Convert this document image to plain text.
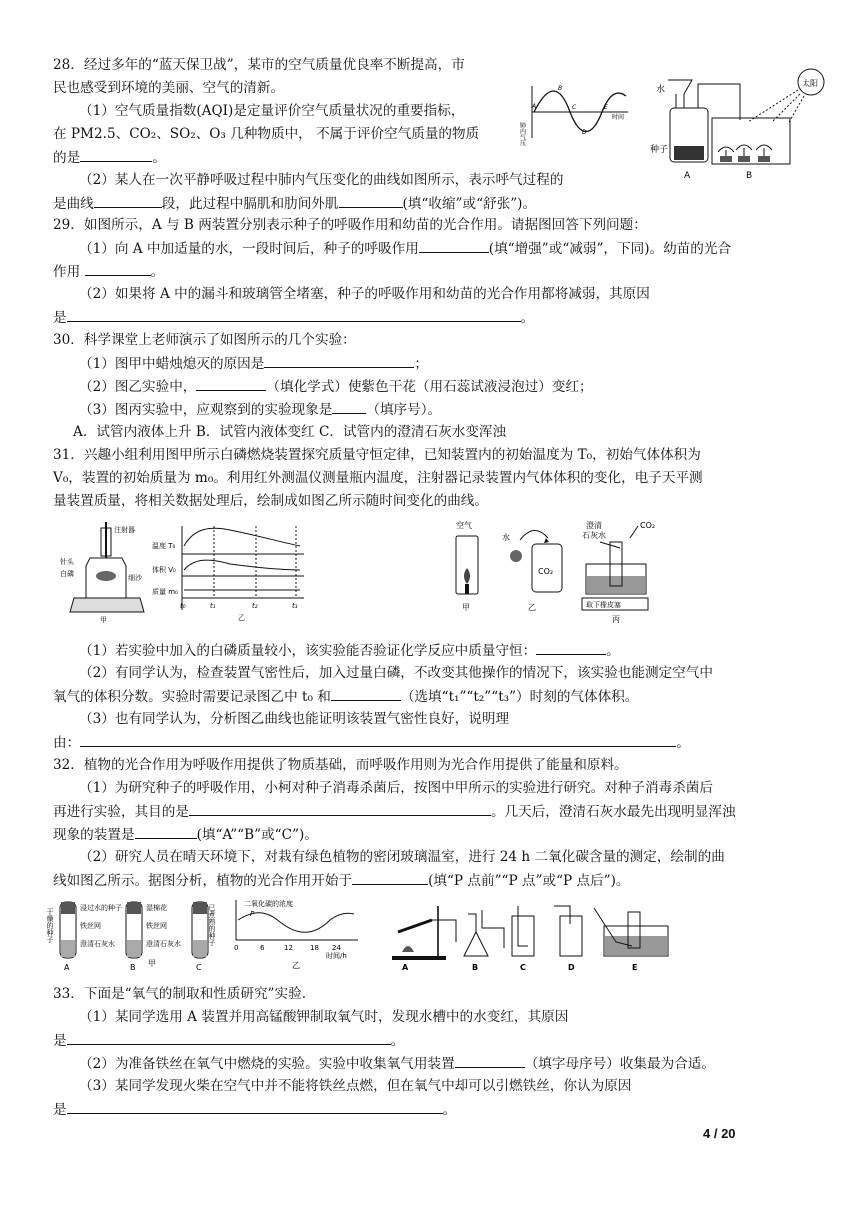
28．经过多年的“蓝天保卫战”，某市的空气质量优良率不断提高，市
民也感受到环境的美丽、空气的清新。
（1）空气质量指数(AQI)是定量评价空气质量状况的重要指标，
在 PM2.5、CO₂、SO₂、O₃ 几种物质中， 不属于评价空气质量的物质
的是	。
（2）某人在一次平静呼吸过程中肺内气压变化的曲线如图所示，表示呼气过程的
是曲线	段，此过程中膈肌和肋间外肌	(填“收缩”或“舒张”)。
肺内气压
时间
A
B
C
D
E
水
种子
太阳
A	B
29．如图所示，A 与 B 两装置分别表示种子的呼吸作用和幼苗的光合作用。请据图回答下列问题：
（1）向 A 中加适量的水，一段时间后，种子的呼吸作用	(填“增强”或“减弱”，下同)。幼苗的光合
作用	。
（2）如果将 A 中的漏斗和玻璃管全堵塞，种子的呼吸作用和幼苗的光合作用都将减弱，其原因
是	。
30．科学课堂上老师演示了如图所示的几个实验：
（1）图甲中蜡烛熄灭的原因是	；
（2）图乙实验中，	（填化学式）使紫色干花（用石蕊试液浸泡过）变红；
（3）图丙实验中，应观察到的实验现象是	（填序号）。
A．试管内液体上升 B．试管内液体变红 C．试管内的澄清石灰水变浑浊
31．兴趣小组利用图甲所示白磷燃烧装置探究质量守恒定律，已知装置内的初始温度为 T₀，初始气体体积为
V₀，装置的初始质量为 m₀。利用红外测温仪测量瓶内温度，注射器记录装置内气体体积的变化，电子天平测
量装置质量，将相关数据处理后，绘制成如图乙所示随时间变化的曲线。
注射器
针头
白磷	细沙
甲
温度 T₀
体积 V₀
质量 m₀
t₀	t₁	t₂	t₃
乙
空气
甲
水
CO₂
乙
澄清
石灰水
CO₂
取下橡皮塞
丙
（1）若实验中加入的白磷质量较小，该实验能否验证化学反应中质量守恒：	。
（2）有同学认为，检查装置气密性后，加入过量白磷，不改变其他操作的情况下，该实验也能测定空气中
氧气的体积分数。实验时需要记录图乙中 t₀ 和	（选填“t₁”“t₂”“t₃”）时刻的气体体积。
（3）也有同学认为，分析图乙曲线也能证明该装置气密性良好，说明理
由：	。
32．植物的光合作用为呼吸作用提供了物质基础，而呼吸作用则为光合作用提供了能量和原料。
（1）为研究种子的呼吸作用，小柯对种子消毒杀菌后，按图中甲所示的实验进行研究。对种子消毒杀菌后
再进行实验，其目的是	。几天后，澄清石灰水最先出现明显浑浊
现象的装置是	(填“A”“B”或“C”)。
（2）研究人员在晴天环境下，对栽有绿色植物的密闭玻璃温室，进行 24 h 二氧化碳含量的测定，绘制的曲
线如图乙所示。据图分析，植物的光合作用开始于	(填“P 点前”“P 点”或“P 点后”)。
干燥的种子	浸过水的种子
铁丝网
澄清石灰水
A
湿棉花
铁丝网
澄清石灰水
B 甲
已煮熟的种子
C
二氧化碳的浓度
P
0	6	12 18 24
时间/h
乙	A	B	C	D	E
33．下面是“氧气的制取和性质研究”实验.
（1）某同学选用 A 装置并用高锰酸钾制取氧气时，发现水槽中的水变红，其原因
是	。
（2）为准备铁丝在氧气中燃烧的实验。实验中收集氧气用装置	（填字母序号）收集最为合适。
（3）某同学发现火柴在空气中并不能将铁丝点燃，但在氧气中却可以引燃铁丝，你认为原因
是	。
4 / 20
